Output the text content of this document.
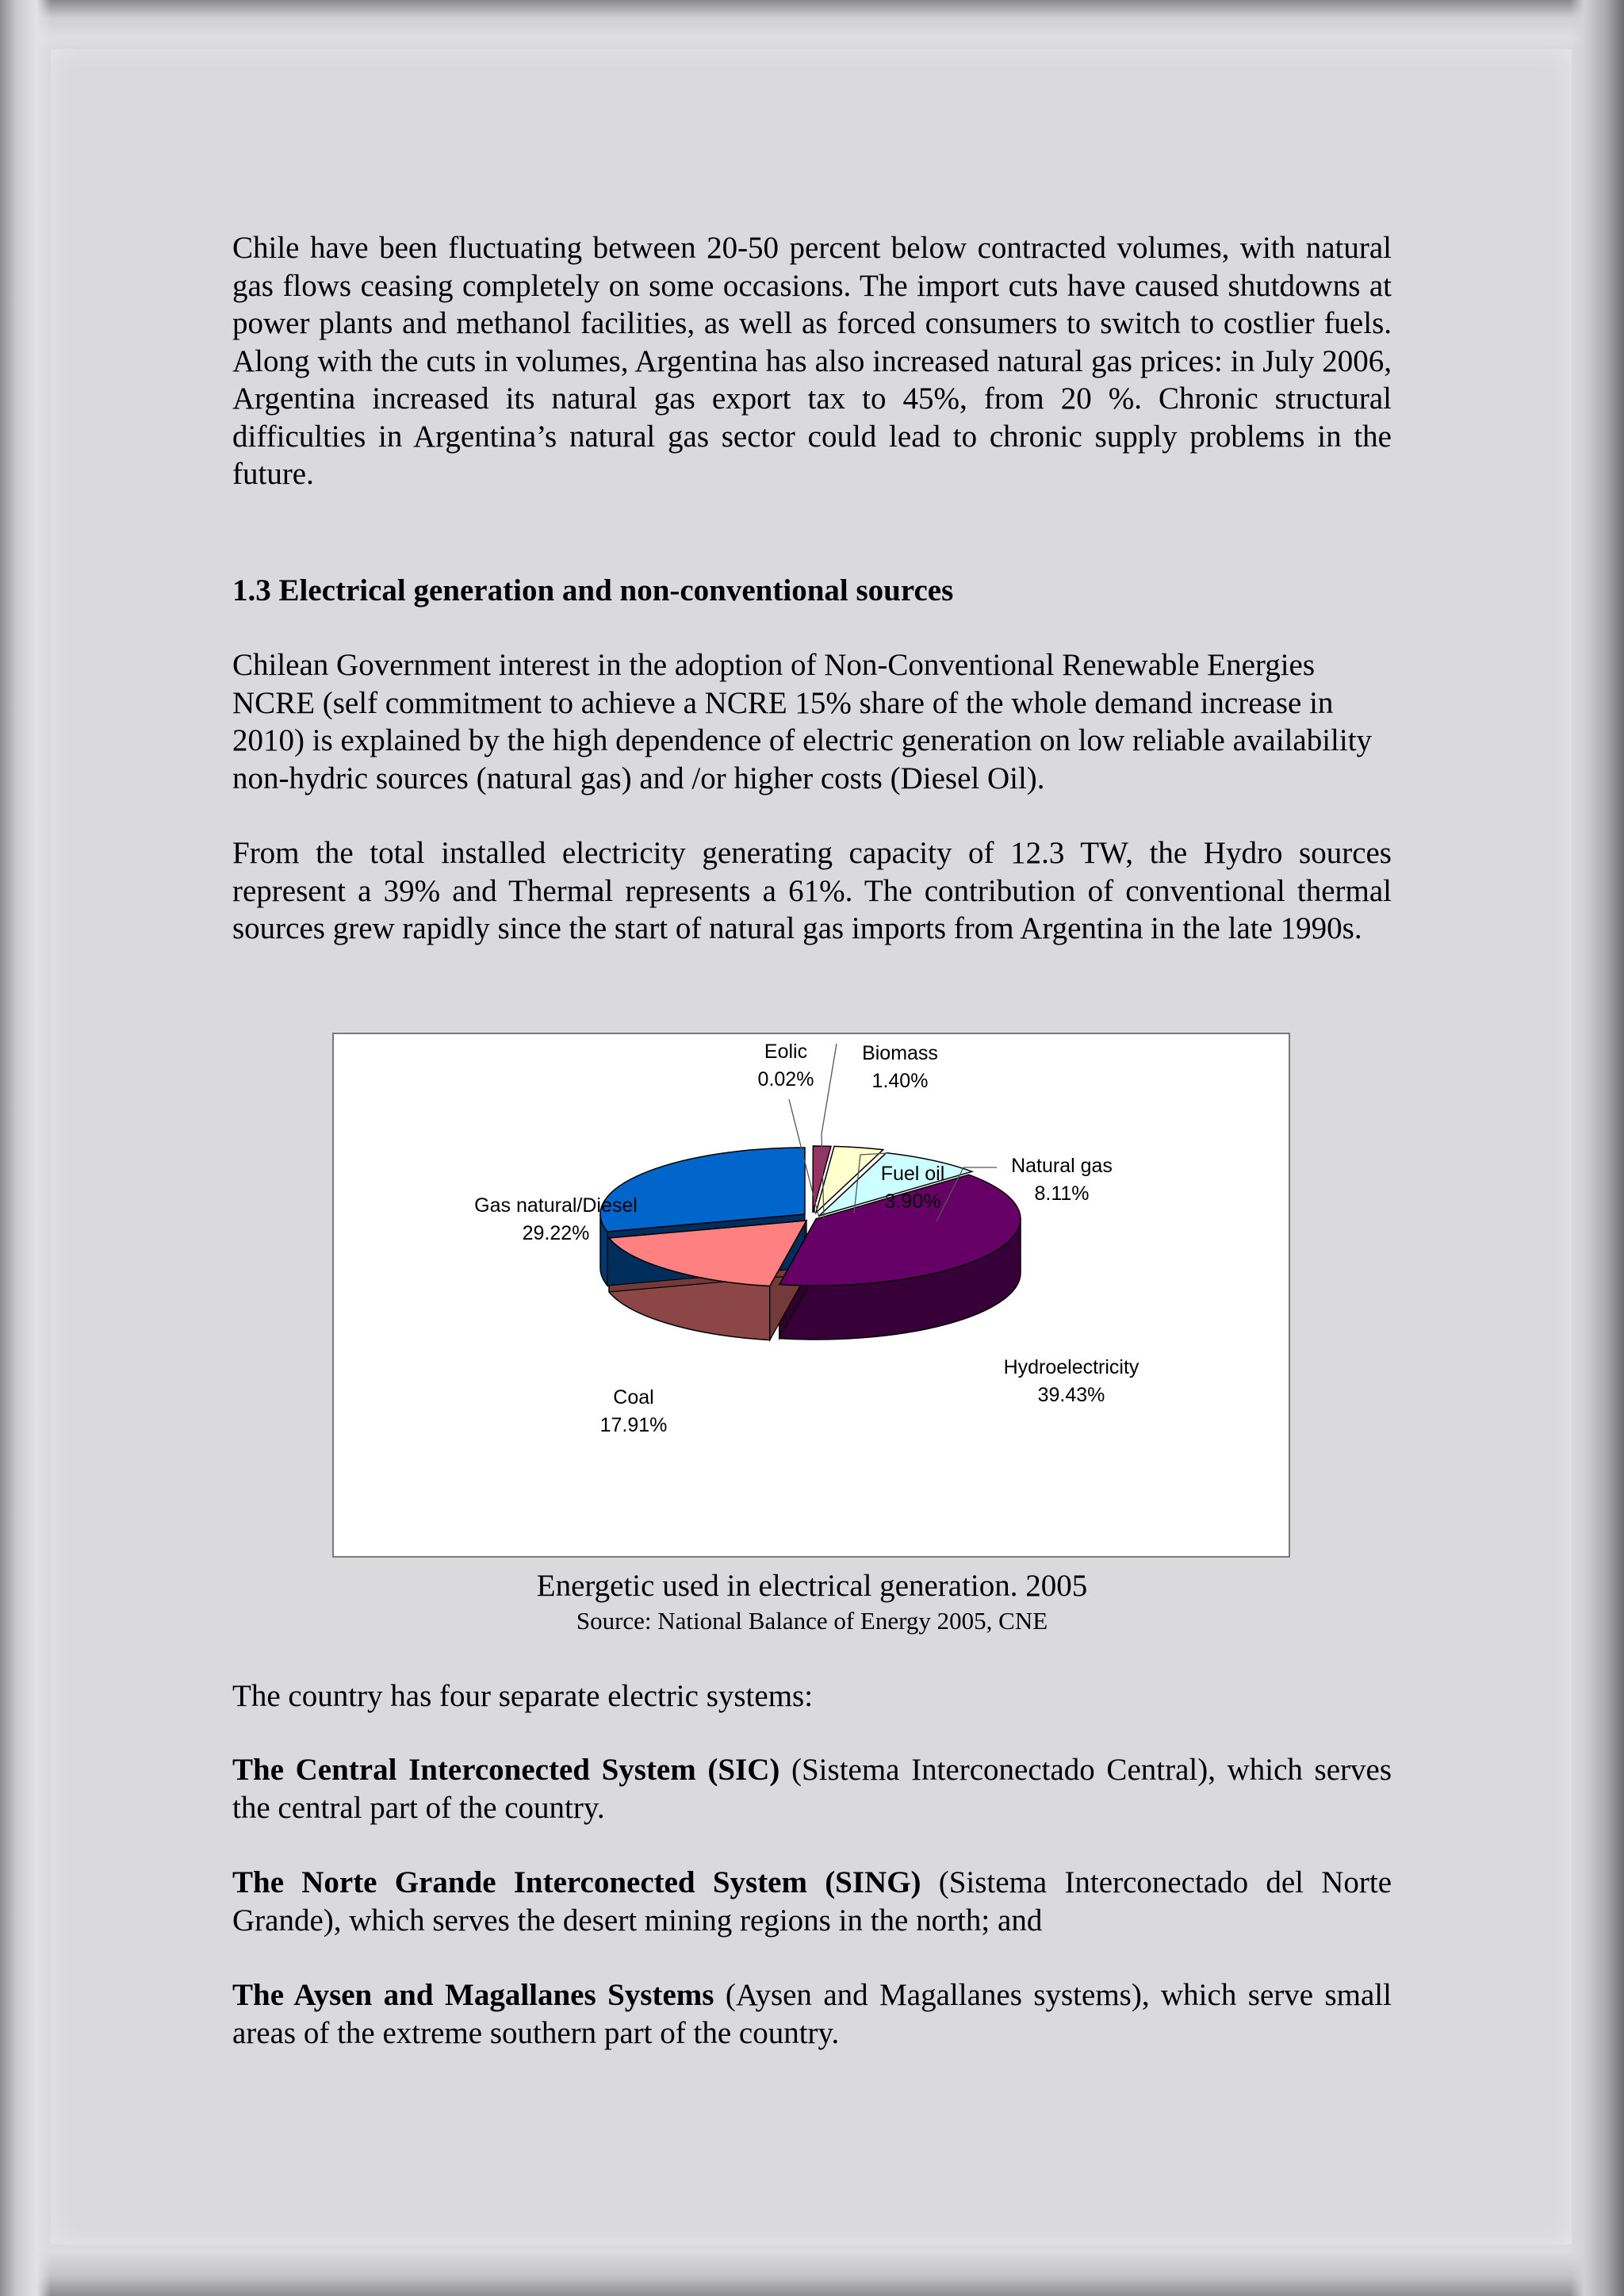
Chile have been fluctuating between 20-50 percent below contracted volumes, with natural gas flows ceasing completely on some occasions. The import cuts have caused shutdowns at power plants and methanol facilities, as well as forced consumers to switch to costlier fuels. Along with the cuts in volumes, Argentina has also increased natural gas prices: in July 2006, Argentina increased its natural gas export tax to 45%, from 20 %. Chronic structural difficulties in Argentina’s natural gas sector could lead to chronic supply problems in the future.

1.3 Electrical generation and non-conventional sources

Chilean Government interest in the adoption of Non-Conventional Renewable Energies NCRE (self commitment to achieve a NCRE 15% share of the whole demand increase in 2010) is explained by the high dependence of electric generation on low reliable availability non-hydric sources (natural gas) and /or higher costs (Diesel Oil).

From the total installed electricity generating capacity of 12.3 TW, the Hydro sources represent a 39% and Thermal represents a 61%. The contribution of conventional thermal sources grew rapidly since the start of natural gas imports from Argentina in the late 1990s.

Eolic
0.02%
Biomass
1.40%
Fuel oil
3.90%
Natural gas
8.11%
Hydroelectricity
39.43%
Coal
17.91%
Gas natural/Diesel
29.22%

Energetic used in electrical generation. 2005

Source: National Balance of Energy 2005, CNE

The country has four separate electric systems:

The Central Interconected System (SIC) (Sistema Interconectado Central), which serves the central part of the country.

The Norte Grande Interconected System (SING) (Sistema Interconectado del Norte Grande), which serves the desert mining regions in the north; and

The Aysen and Magallanes Systems (Aysen and Magallanes systems), which serve small areas of the extreme southern part of the country.
